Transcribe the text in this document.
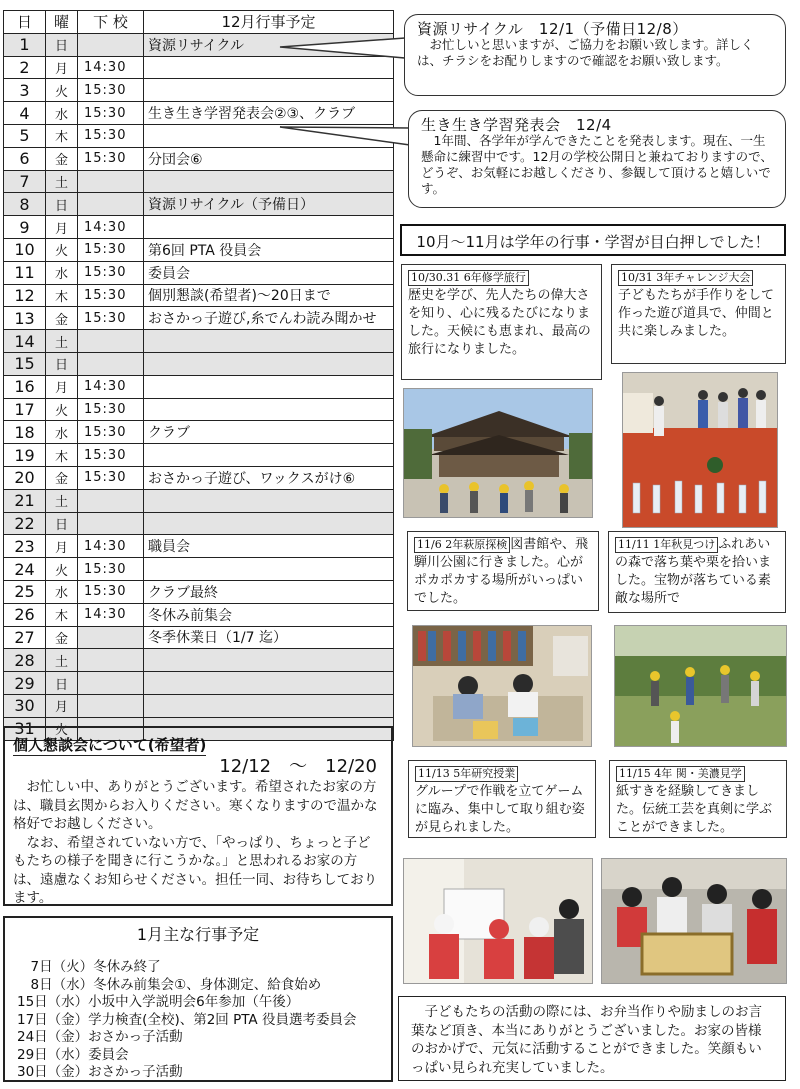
日	曜	下 校	12月行事予定
1	日		資源リサイクル
2	月	14:30	
3	火	15:30	
4	水	15:30	生き生き学習発表会②③、クラブ
5	木	15:30	
6	金	15:30	分団会⑥
7	土		
8	日		資源リサイクル（予備日）
9	月	14:30	
10	火	15:30	第6回 PTA 役員会
11	水	15:30	委員会
12	木	15:30	個別懇談(希望者)～20日まで
13	金	15:30	おさかっ子遊び,糸でんわ読み聞かせ
14	土		
15	日		
16	月	14:30	
17	火	15:30	
18	水	15:30	クラブ
19	木	15:30	
20	金	15:30	おさかっ子遊び、ワックスがけ⑥
21	土		
22	日		
23	月	14:30	職員会
24	火	15:30	
25	水	15:30	クラブ最終
26	木	14:30	冬休み前集会
27	金		冬季休業日（1/7 迄）
28	土		
29	日		
30	月		
31	火		
資源リサイクル　12/1（予備日12/8）
　お忙しいと思いますが、ご協力をお願い致します。詳しくは、チラシをお配りしますので確認をお願い致します。
生き生き学習発表会　12/4
　1年間、各学年が学んできたことを発表します。現在、一生懸命に練習中です。12月の学校公開日と兼ねておりますので、どうぞ、お気軽にお越しくださり、参観して頂けると嬉しいです。
10月～11月は学年の行事・学習が目白押しでした！
10/30.31 6年修学旅行
歴史を学び、先人たちの偉大さを知り、心に残るたびになりました。天候にも恵まれ、最高の旅行になりました。
10/31 3年チャレンジ大会
子どもたちが手作りをして作った遊び道具で、仲間と共に楽しみました。
11/6 2年萩原探検 図書館や、飛騨川公園に行きました。心がポカポカする場所がいっぱいでした。
11/11 1年秋見つけ ふれあいの森で落ち葉や栗を拾いました。宝物が落ちている素敵な場所で
11/13 5年研究授業
グループで作戦を立てゲームに臨み、集中して取り組む姿が見られました。
11/15 4年 関・美濃見学
紙すきを経験してきました。伝統工芸を真剣に学ぶことができました。
　子どもたちの活動の際には、お弁当作りや励ましのお言葉など頂き、本当にありがとうございました。お家の皆様のおかげで、元気に活動することができました。笑顔もいっぱい見られ充実していました。
個人懇談会について(希望者)
12/12　～　12/20
　お忙しい中、ありがとうございます。希望されたお家の方は、職員玄関からお入りください。寒くなりますので温かな格好でお越しください。
　なお、希望されていない方で、「やっぱり、ちょっと子どもたちの様子を聞きに行こうかな。」と思われるお家の方は、遠慮なくお知らせください。担任一同、お待ちしております。
1月主な行事予定
　7日（火）冬休み終了
　8日（水）冬休み前集会①、身体測定、給食始め
15日（水）小坂中入学説明会6年参加（午後）
17日（金）学力検査(全校)、第2回 PTA 役員選考委員会
24日（金）おさかっ子活動
29日（水）委員会
30日（金）おさかっ子活動
